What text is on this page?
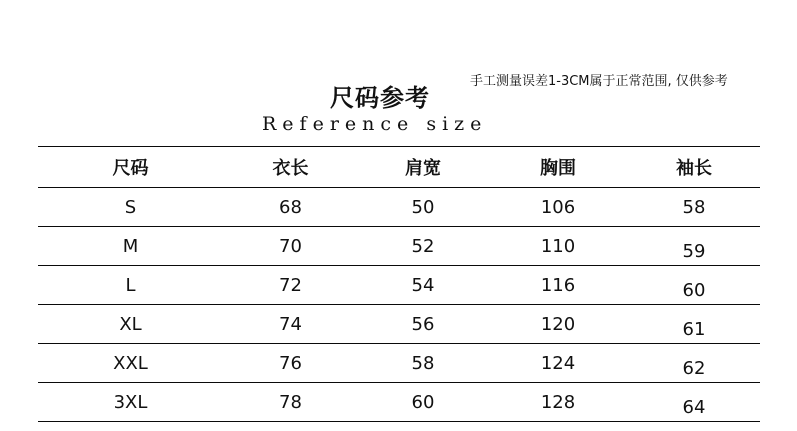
手工测量误差1-3CM属于正常范围, 仅供参考
尺码参考
Reference size
尺码	衣长	肩宽	胸围	袖长
S	68	50	106	58
M	70	52	110	59
L	72	54	116	60
XL	74	56	120	61
XXL	76	58	124	62
3XL	78	60	128	64
